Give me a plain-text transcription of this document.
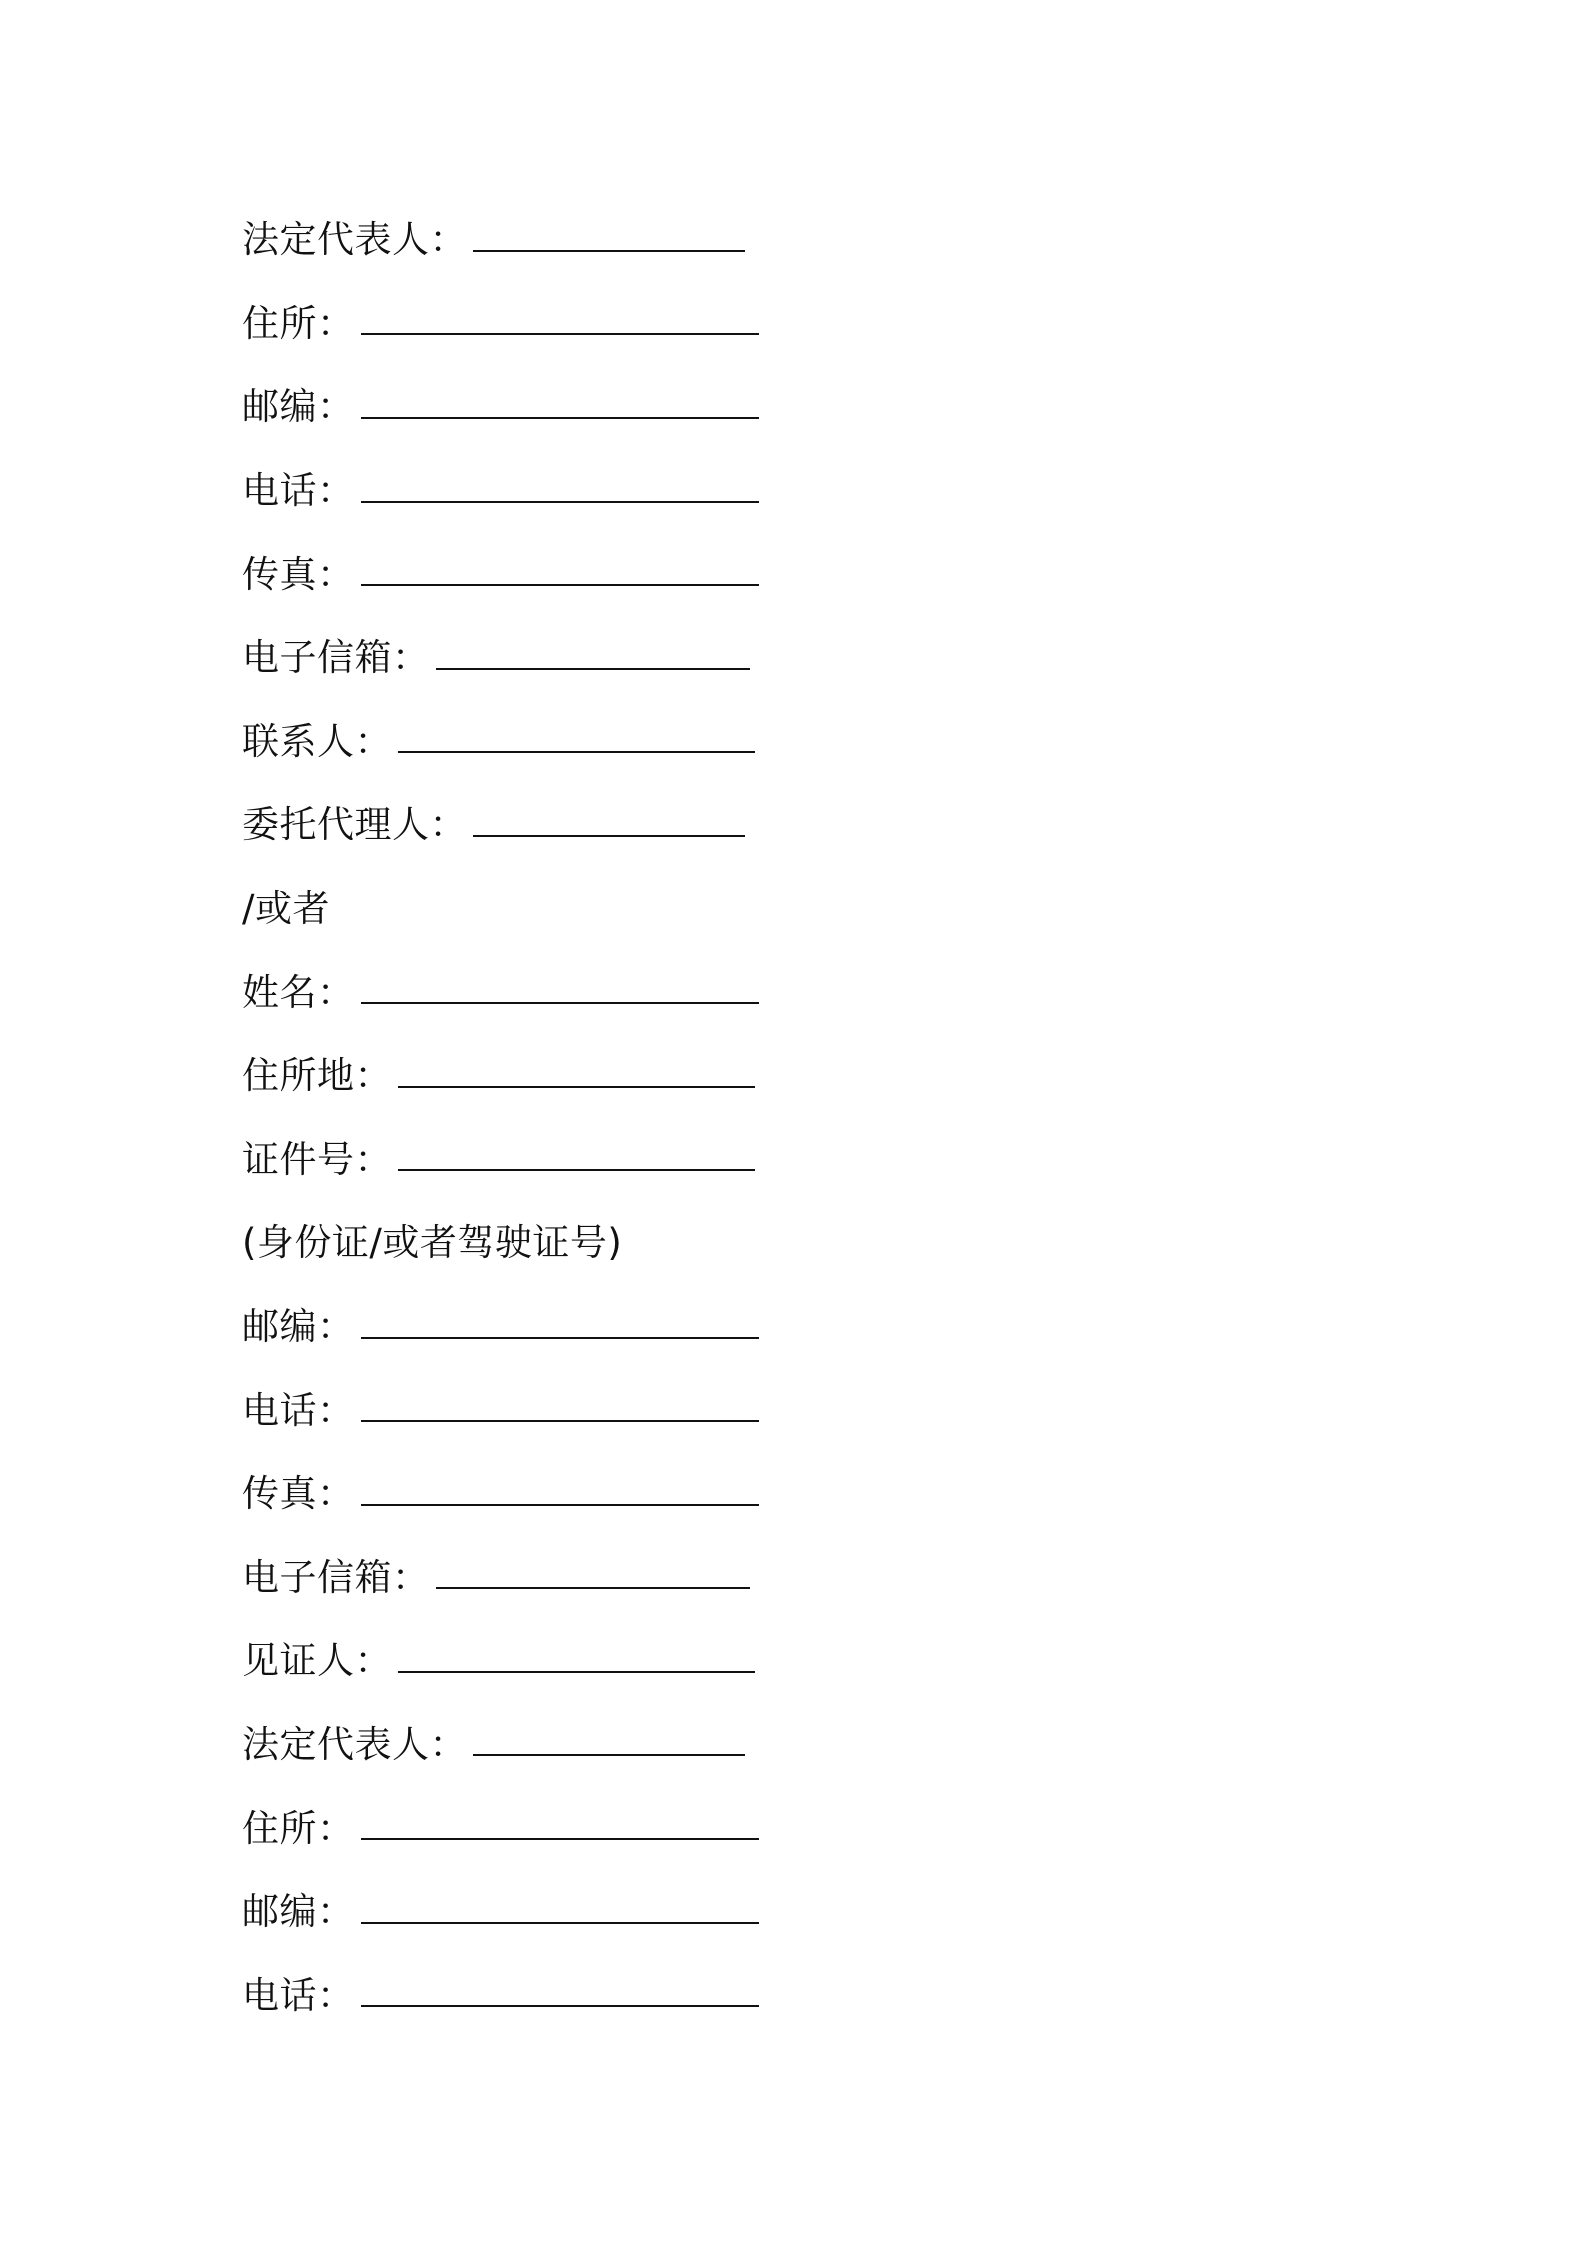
法定代表人：
住所：
邮编：
电话：
传真：
电子信箱：
联系人：
委托代理人：
/或者
姓名：
住所地：
证件号：
(身份证/或者驾驶证号)
邮编：
电话：
传真：
电子信箱：
见证人：
法定代表人：
住所：
邮编：
电话：
